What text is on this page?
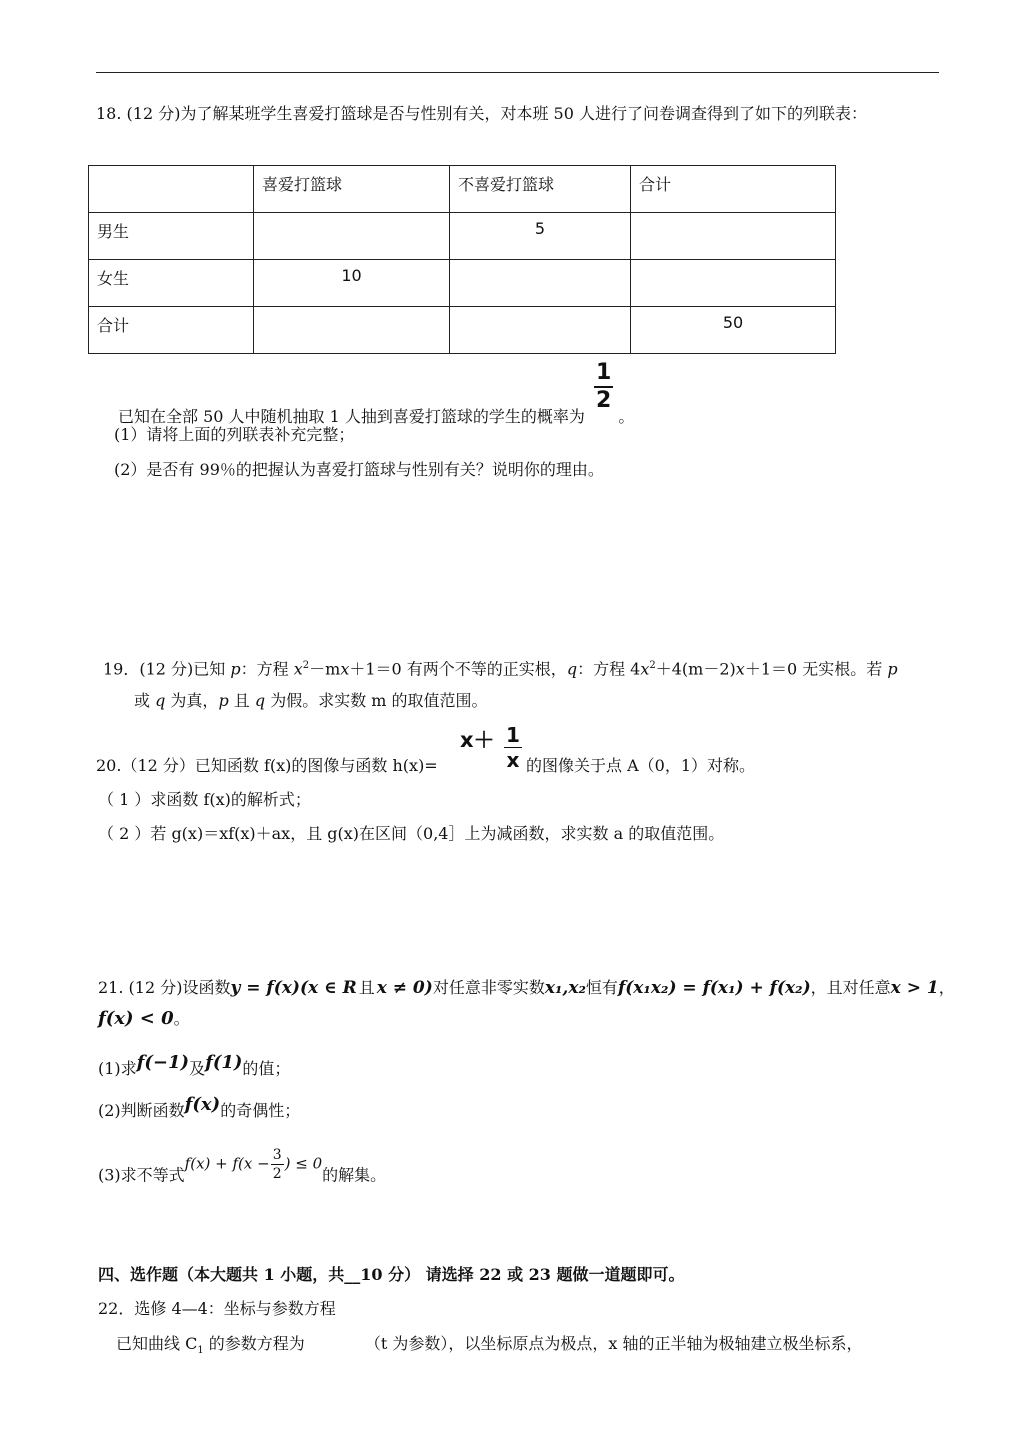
18. (12 分)为了解某班学生喜爱打篮球是否与性别有关，对本班 50 人进行了问卷调查得到了如下的列联表：

	喜爱打篮球	不喜爱打篮球	合计

男生		5	

女生	10		

合计			50
已知在全部 50 人中随机抽取 1 人抽到喜爱打篮球的学生的概率为
$\frac{1}{2}$
。
(1）请将上面的列联表补充完整；
(2）是否有 99％的把握认为喜爱打篮球与性别有关？说明你的理由。
19．(12 分)已知 p：方程 $x^2-mx+1=0$ 有两个不等的正实根，q：方程 $4x^2+4(m-2)x+1=0$ 无实根。若 p
或 q 为真，p 且 q 为假。求实数 m 的取值范围。
20.（12 分）已知函数 f(x)的图像与函数 h(x)=
$x+ \frac{1}{x}$ 的图像关于点 A（0，1）对称。
（ 1 ）求函数 f(x)的解析式；
（ 2 ）若 g(x)＝xf(x)＋ax，且 g(x)在区间（0,4］上为减函数，求实数 a 的取值范围。
21. (12 分)设函数y = f(x)(x ∈ R 且 x ≠ 0)对任意非零实数x₁,x₂恒有f(x₁x₂) = f(x₁) + f(x₂)，且对任意x > 1，
f(x) < 0。
(1)求f(−1)及f(1)的值；
(2)判断函数f(x)的奇偶性；
(3)求不等式$f(x) + f(x - \frac{3}{2}$ ) ≤ 0的解集。
四、选作题（本大题共 1 小题，共__10 分） 请选择 22 或 23 题做一道题即可。
22．选修 4—4：坐标与参数方程
已知曲线 $C_1$ 的参数方程为	（t 为参数），以坐标原点为极点，x 轴的正半轴为极轴建立极坐标系，
